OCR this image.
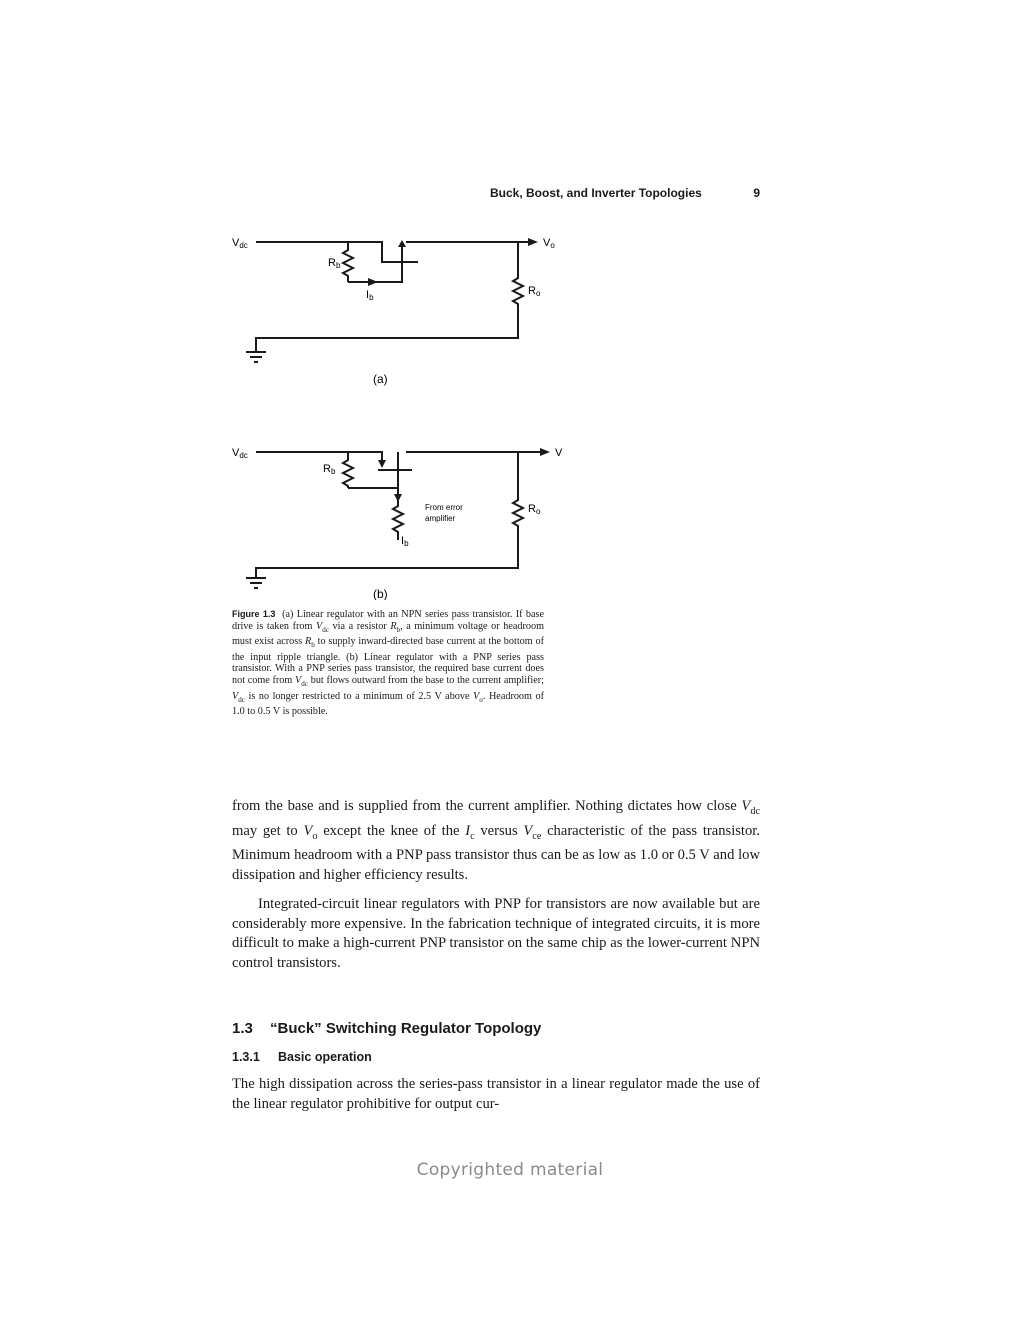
Buck, Boost, and Inverter Topologies	9
Vdc	Vo
Rb
Ib
Ro
(a)
Vdc	V
Rb
Ib
Ro
From error
amplifier
(b)
Figure 1.3 (a) Linear regulator with an NPN series pass transistor. If base drive is taken from $V_{dc}$ via a resistor $R_b$, a minimum voltage or headroom must exist across $R_b$ to supply inward-directed base current at the bottom of the input ripple triangle. (b) Linear regulator with a PNP series pass transistor. With a PNP series pass transistor, the required base current does not come from $V_{dc}$ but flows outward from the base to the current amplifier; $V_{dc}$ is no longer restricted to a minimum of 2.5 V above $V_o$. Headroom of 1.0 to 0.5 V is possible.
from the base and is supplied from the current amplifier. Nothing dictates how close $V_{dc}$ may get to $V_o$ except the knee of the $I_c$ versus $V_{ce}$ characteristic of the pass transistor. Minimum headroom with a PNP pass transistor thus can be as low as 1.0 or 0.5 V and low dissipation and higher efficiency results.
Integrated-circuit linear regulators with PNP for transistors are now available but are considerably more expensive. In the fabrication technique of integrated circuits, it is more difficult to make a high-current PNP transistor on the same chip as the lower-current NPN control transistors.
1.3 “Buck” Switching Regulator Topology
1.3.1 Basic operation
The high dissipation across the series-pass transistor in a linear regulator made the use of the linear regulator prohibitive for output cur-
Copyrighted material
